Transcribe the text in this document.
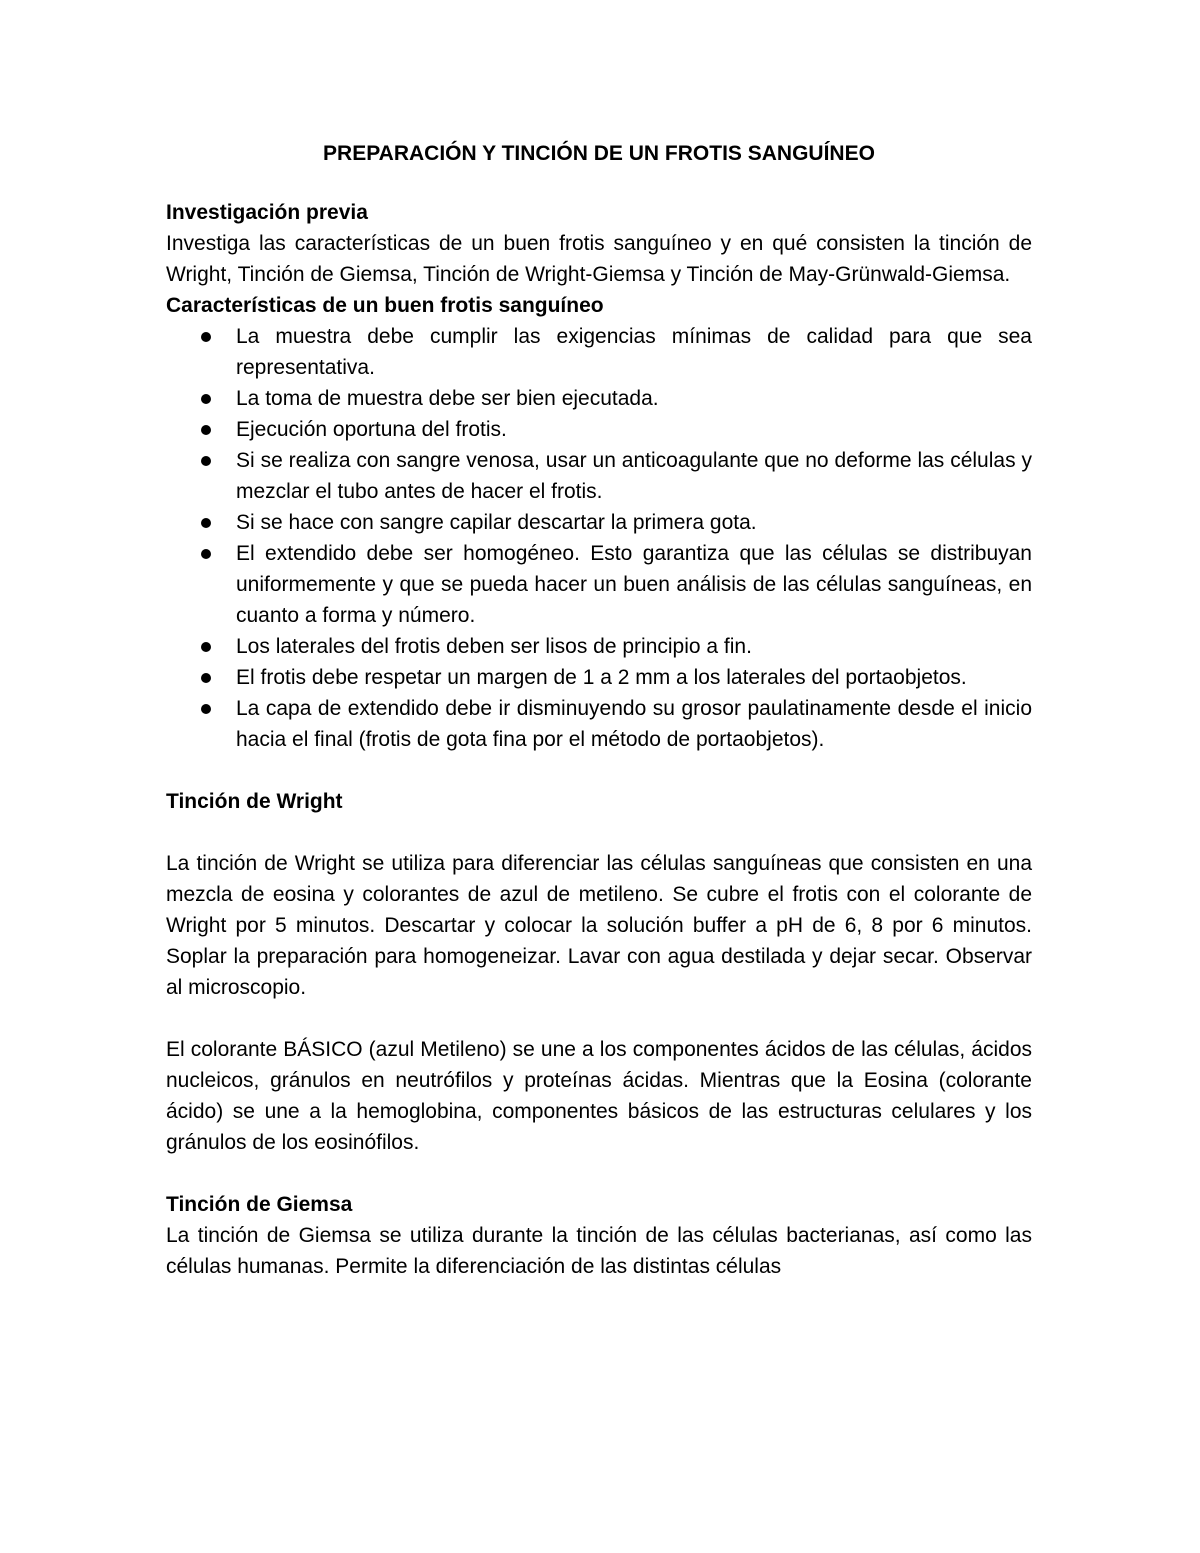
PREPARACIÓN Y TINCIÓN DE UN FROTIS SANGUÍNEO

Investigación previa

Investiga las características de un buen frotis sanguíneo y en qué consisten la tinción de Wright, Tinción de Giemsa, Tinción de Wright-Giemsa y Tinción de May-Grünwald-Giemsa.

Características de un buen frotis sanguíneo

La muestra debe cumplir las exigencias mínimas de calidad para que sea representativa.
La toma de muestra debe ser bien ejecutada.
Ejecución oportuna del frotis.
Si se realiza con sangre venosa, usar un anticoagulante que no deforme las células y mezclar el tubo antes de hacer el frotis.
Si se hace con sangre capilar descartar la primera gota.
El extendido debe ser homogéneo. Esto garantiza que las células se distribuyan uniformemente y que se pueda hacer un buen análisis de las células sanguíneas, en cuanto a forma y número.
Los laterales del frotis deben ser lisos de principio a fin.
El frotis debe respetar un margen de 1 a 2 mm a los laterales del portaobjetos.
La capa de extendido debe ir disminuyendo su grosor paulatinamente desde el inicio hacia el final (frotis de gota fina por el método de portaobjetos).

Tinción de Wright

La tinción de Wright se utiliza para diferenciar las células sanguíneas que consisten en una mezcla de eosina y colorantes de azul de metileno. Se cubre el frotis con el colorante de Wright por 5 minutos. Descartar y colocar la solución buffer a pH de 6, 8 por 6 minutos. Soplar la preparación para homogeneizar. Lavar con agua destilada y dejar secar. Observar al microscopio.

El colorante BÁSICO (azul Metileno) se une a los componentes ácidos de las células, ácidos nucleicos, gránulos en neutrófilos y proteínas ácidas. Mientras que la Eosina (colorante ácido) se une a la hemoglobina, componentes básicos de las estructuras celulares y los gránulos de los eosinófilos.

Tinción de Giemsa

La tinción de Giemsa se utiliza durante la tinción de las células bacterianas, así como las células humanas. Permite la diferenciación de las distintas células
